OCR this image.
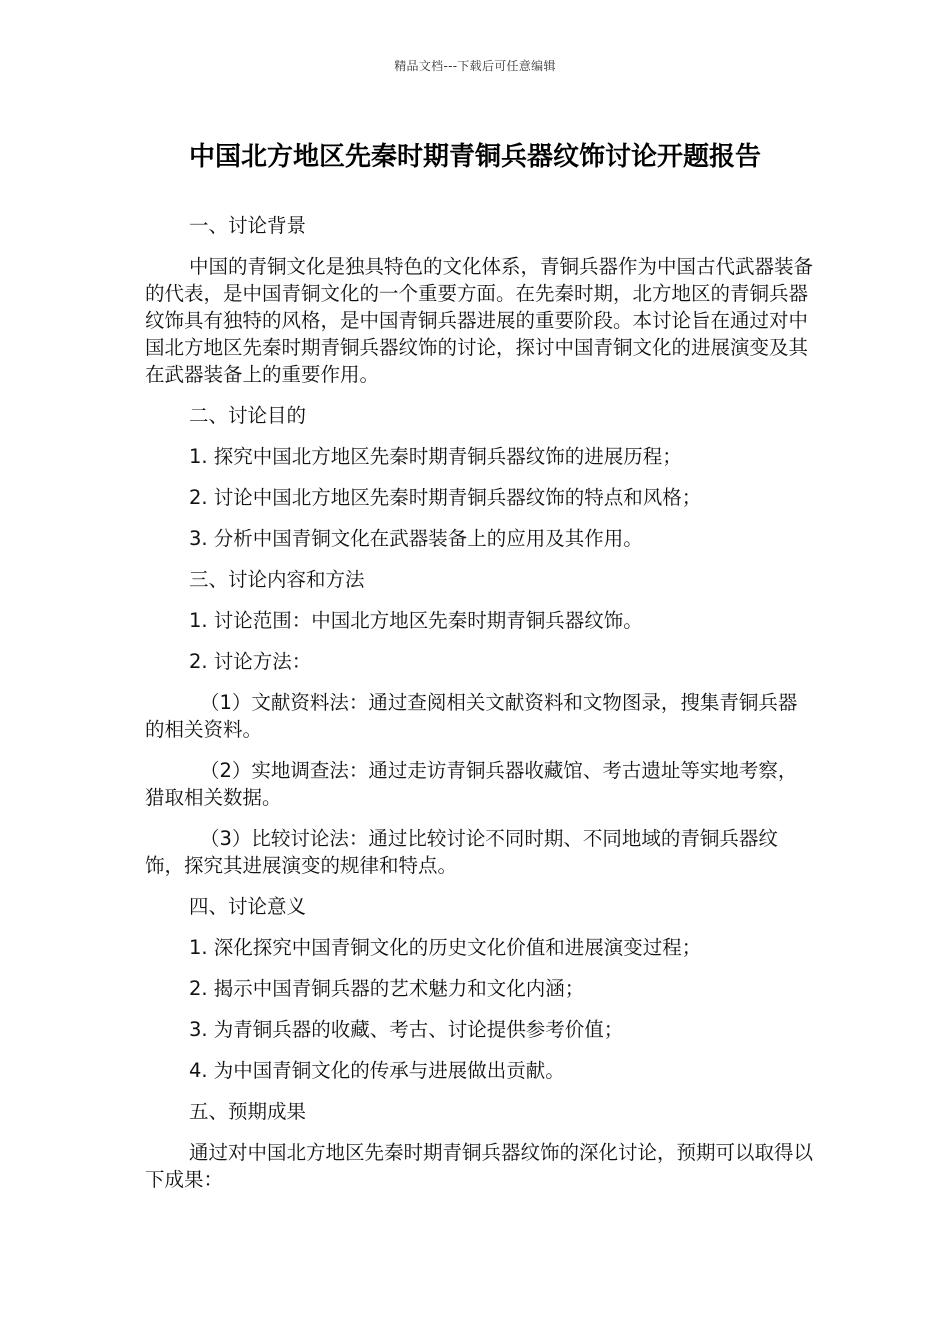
精品文档---下载后可任意编辑
中国北方地区先秦时期青铜兵器纹饰讨论开题报告

一、讨论背景

中国的青铜文化是独具特色的文化体系，青铜兵器作为中国古代武器装备的代表，是中国青铜文化的一个重要方面。在先秦时期，北方地区的青铜兵器纹饰具有独特的风格，是中国青铜兵器进展的重要阶段。本讨论旨在通过对中国北方地区先秦时期青铜兵器纹饰的讨论，探讨中国青铜文化的进展演变及其在武器装备上的重要作用。

二、讨论目的

1. 探究中国北方地区先秦时期青铜兵器纹饰的进展历程；

2. 讨论中国北方地区先秦时期青铜兵器纹饰的特点和风格；

3. 分析中国青铜文化在武器装备上的应用及其作用。

三、讨论内容和方法

1. 讨论范围：中国北方地区先秦时期青铜兵器纹饰。

2. 讨论方法：

（1）文献资料法：通过查阅相关文献资料和文物图录，搜集青铜兵器的相关资料。

（2）实地调查法：通过走访青铜兵器收藏馆、考古遗址等实地考察，猎取相关数据。

（3）比较讨论法：通过比较讨论不同时期、不同地域的青铜兵器纹饰，探究其进展演变的规律和特点。

四、讨论意义

1. 深化探究中国青铜文化的历史文化价值和进展演变过程；

2. 揭示中国青铜兵器的艺术魅力和文化内涵；

3. 为青铜兵器的收藏、考古、讨论提供参考价值；

4. 为中国青铜文化的传承与进展做出贡献。

五、预期成果

通过对中国北方地区先秦时期青铜兵器纹饰的深化讨论，预期可以取得以下成果：
